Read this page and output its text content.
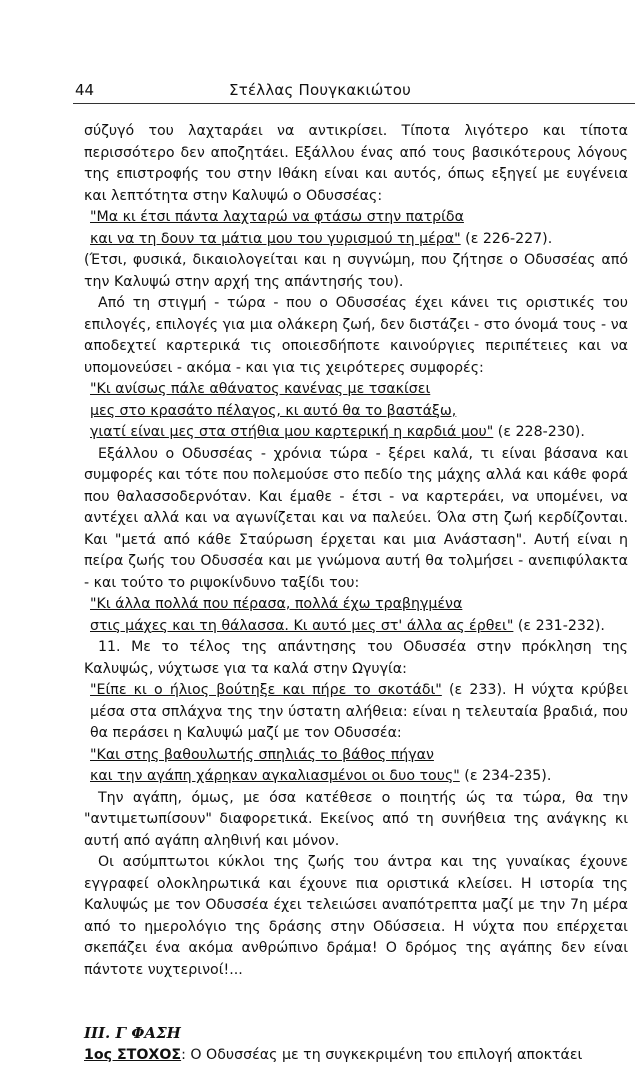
44	Στέλλας Πουγκακιώτου

σύζυγό του λαχταράει να αντικρίσει. Τίποτα λιγότερο και τίποτα περισσότερο δεν αποζητάει. Εξάλλου ένας από τους βασικότερους λόγους της επιστροφής του στην Ιθάκη είναι και αυτός, όπως εξηγεί με ευγένεια και λεπτότητα στην Καλυψώ ο Οδυσσέας:

"Μα κι έτσι πάντα λαχταρώ να φτάσω στην πατρίδα
και να τη δουν τα μάτια μου του γυρισμού τη μέρα" (ε 226-227).

(Έτσι, φυσικά, δικαιολογείται και η συγνώμη, που ζήτησε ο Οδυσσέας από την Καλυψώ στην αρχή της απάντησής του).

Από τη στιγμή - τώρα - που ο Οδυσσέας έχει κάνει τις οριστικές του επιλογές, επιλογές για μια ολάκερη ζωή, δεν διστάζει - στο όνομά τους - να αποδεχτεί καρτερικά τις οποιεσδήποτε καινούργιες περιπέτειες και να υπομονεύσει - ακόμα - και για τις χειρότερες συμφορές:

"Κι ανίσως πάλε αθάνατος κανένας με τσακίσει
μες στο κρασάτο πέλαγος, κι αυτό θα το βαστάξω,
γιατί είναι μες στα στήθια μου καρτερική η καρδιά μου" (ε 228-230).

Εξάλλου ο Οδυσσέας - χρόνια τώρα - ξέρει καλά, τι είναι βάσανα και συμφορές και τότε που πολεμούσε στο πεδίο της μάχης αλλά και κάθε φορά που θαλασσοδερνόταν. Και έμαθε - έτσι - να καρτεράει, να υπομένει, να αντέχει αλλά και να αγωνίζεται και να παλεύει. Όλα στη ζωή κερδίζονται. Και "μετά από κάθε Σταύρωση έρχεται και μια Ανάσταση". Αυτή είναι η πείρα ζωής του Οδυσσέα και με γνώμονα αυτή θα τολμήσει - ανεπιφύλακτα - και τούτο το ριψοκίνδυνο ταξίδι του:

"Κι άλλα πολλά που πέρασα, πολλά έχω τραβηγμένα
στις μάχες και τη θάλασσα. Κι αυτό μες στ' άλλα ας έρθει" (ε 231-232).

11. Με το τέλος της απάντησης του Οδυσσέα στην πρόκληση της Καλυψώς, νύχτωσε για τα καλά στην Ωγυγία:

"Είπε κι ο ήλιος βούτηξε και πήρε το σκοτάδι" (ε 233). Η νύχτα κρύβει μέσα στα σπλάχνα της την ύστατη αλήθεια: είναι η τελευταία βραδιά, που θα περάσει η Καλυψώ μαζί με τον Οδυσσέα:

"Και στης βαθουλωτής σπηλιάς το βάθος πήγαν
και την αγάπη χάρηκαν αγκαλιασμένοι οι δυο τους" (ε 234-235).

Την αγάπη, όμως, με όσα κατέθεσε ο ποιητής ώς τα τώρα, θα την "αντιμετωπίσουν" διαφορετικά. Εκείνος από τη συνήθεια της ανάγκης κι αυτή από αγάπη αληθινή και μόνον.

Οι ασύμπτωτοι κύκλοι της ζωής του άντρα και της γυναίκας έχουνε εγγραφεί ολοκληρωτικά και έχουνε πια οριστικά κλείσει. Η ιστορία της Καλυψώς με τον Οδυσσέα έχει τελειώσει αναπότρεπτα μαζί με την 7η μέρα από το ημερολόγιο της δράσης στην Οδύσσεια. Η νύχτα που επέρχεται σκεπάζει ένα ακόμα ανθρώπινο δράμα! Ο δρόμος της αγάπης δεν είναι πάντοτε νυχτερινοί!...

ΙΙΙ. Γ ΦΑΣΗ

1ος ΣΤΟΧΟΣ: Ο Οδυσσέας με τη συγκεκριμένη του επιλογή αποκτάει
